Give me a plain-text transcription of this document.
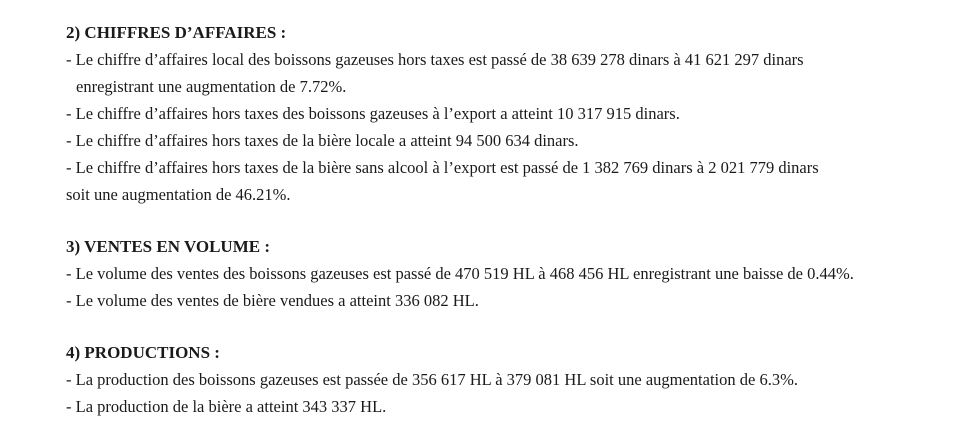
2) CHIFFRES D’AFFAIRES :

- Le chiffre d’affaires local des boissons gazeuses hors taxes est passé de 38 639 278 dinars à 41 621 297 dinars

enregistrant une augmentation de 7.72%.

- Le chiffre d’affaires hors taxes des boissons gazeuses à l’export a atteint 10 317 915 dinars.

- Le chiffre d’affaires hors taxes de la bière locale a atteint 94 500 634 dinars.

- Le chiffre d’affaires hors taxes de la bière sans alcool à l’export est passé de 1 382 769 dinars à 2 021 779 dinars

soit une augmentation de 46.21%.

3) VENTES EN VOLUME :

- Le volume des ventes des boissons gazeuses est passé de 470 519 HL à 468 456 HL enregistrant une baisse de 0.44%.

- Le volume des ventes de bière vendues a atteint 336 082 HL.

4) PRODUCTIONS :

- La production des boissons gazeuses est passée de 356 617 HL à 379 081 HL soit une augmentation de 6.3%.

- La production de la bière a atteint 343 337 HL.
